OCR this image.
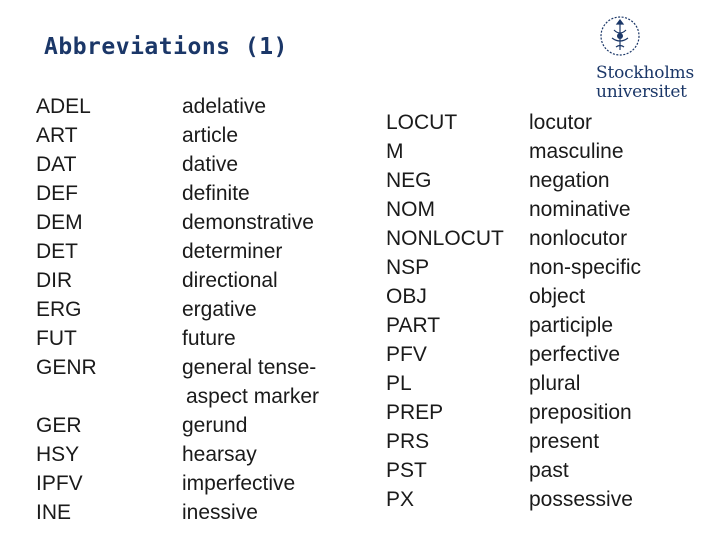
Abbreviations (1)
Stockholms
universitet
ADEL
ART
DAT
DEF
DEM
DET
DIR
ERG
FUT
GENR
GER
HSY
IPFV
INE
adelative
article
dative
definite
demonstrative
determiner
directional
ergative
future
general tense-
aspect marker
gerund
hearsay
imperfective
inessive
LOCUT
M
NEG
NOM
NONLOCUT
NSP
OBJ
PART
PFV
PL
PREP
PRS
PST
PX
locutor
masculine
negation
nominative
nonlocutor
non-specific
object
participle
perfective
plural
preposition
present
past
possessive
